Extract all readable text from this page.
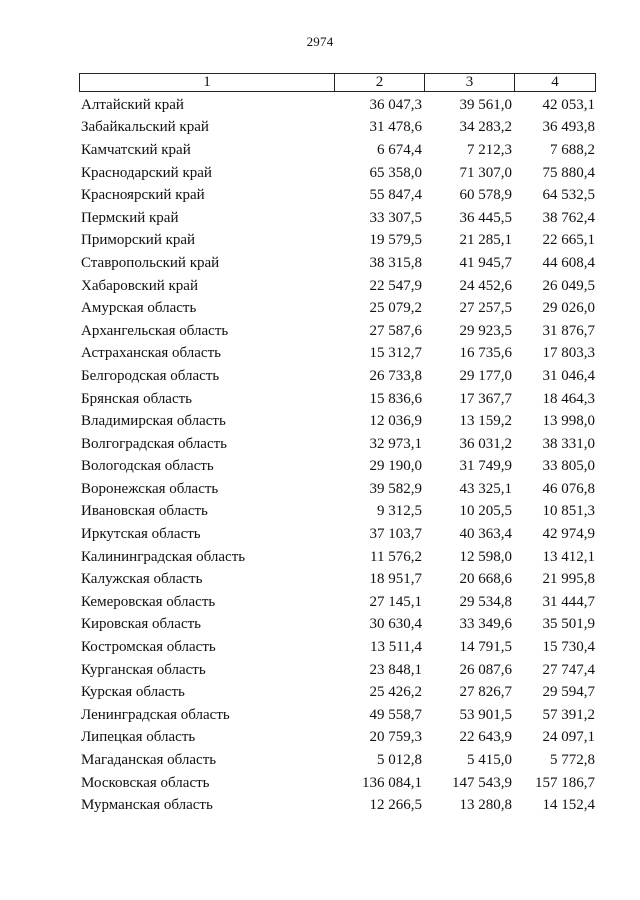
2974
1	2	3	4
Алтайский край	36 047,3	39 561,0	42 053,1
Забайкальский край	31 478,6	34 283,2	36 493,8
Камчатский край	6 674,4	7 212,3	7 688,2
Краснодарский край	65 358,0	71 307,0	75 880,4
Красноярский край	55 847,4	60 578,9	64 532,5
Пермский край	33 307,5	36 445,5	38 762,4
Приморский край	19 579,5	21 285,1	22 665,1
Ставропольский край	38 315,8	41 945,7	44 608,4
Хабаровский край	22 547,9	24 452,6	26 049,5
Амурская область	25 079,2	27 257,5	29 026,0
Архангельская область	27 587,6	29 923,5	31 876,7
Астраханская область	15 312,7	16 735,6	17 803,3
Белгородская область	26 733,8	29 177,0	31 046,4
Брянская область	15 836,6	17 367,7	18 464,3
Владимирская область	12 036,9	13 159,2	13 998,0
Волгоградская область	32 973,1	36 031,2	38 331,0
Вологодская область	29 190,0	31 749,9	33 805,0
Воронежская область	39 582,9	43 325,1	46 076,8
Ивановская область	9 312,5	10 205,5	10 851,3
Иркутская область	37 103,7	40 363,4	42 974,9
Калининградская область	11 576,2	12 598,0	13 412,1
Калужская область	18 951,7	20 668,6	21 995,8
Кемеровская область	27 145,1	29 534,8	31 444,7
Кировская область	30 630,4	33 349,6	35 501,9
Костромская область	13 511,4	14 791,5	15 730,4
Курганская область	23 848,1	26 087,6	27 747,4
Курская область	25 426,2	27 826,7	29 594,7
Ленинградская область	49 558,7	53 901,5	57 391,2
Липецкая область	20 759,3	22 643,9	24 097,1
Магаданская область	5 012,8	5 415,0	5 772,8
Московская область	136 084,1	147 543,9	157 186,7
Мурманская область	12 266,5	13 280,8	14 152,4
